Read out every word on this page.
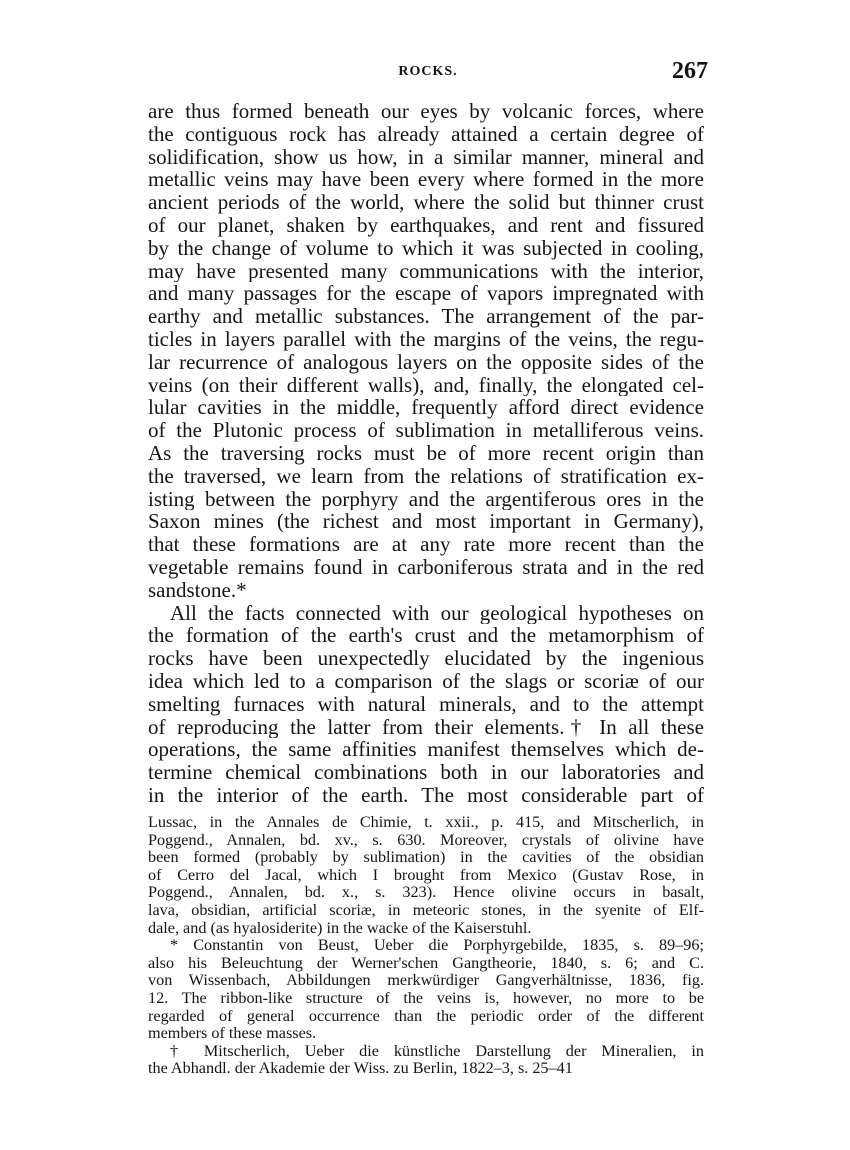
ROCKS.	267
are thus formed beneath our eyes by volcanic forces, where
the contiguous rock has already attained a certain degree of
solidification, show us how, in a similar manner, mineral and
metallic veins may have been every where formed in the more
ancient periods of the world, where the solid but thinner crust
of our planet, shaken by earthquakes, and rent and fissured
by the change of volume to which it was subjected in cooling,
may have presented many communications with the interior,
and many passages for the escape of vapors impregnated with
earthy and metallic substances. The arrangement of the par-
ticles in layers parallel with the margins of the veins, the regu-
lar recurrence of analogous layers on the opposite sides of the
veins (on their different walls), and, finally, the elongated cel-
lular cavities in the middle, frequently afford direct evidence
of the Plutonic process of sublimation in metalliferous veins.
As the traversing rocks must be of more recent origin than
the traversed, we learn from the relations of stratification ex-
isting between the porphyry and the argentiferous ores in the
Saxon mines (the richest and most important in Germany),
that these formations are at any rate more recent than the
vegetable remains found in carboniferous strata and in the red
sandstone.*
All the facts connected with our geological hypotheses on
the formation of the earth's crust and the metamorphism of
rocks have been unexpectedly elucidated by the ingenious
idea which led to a comparison of the slags or scoriæ of our
smelting furnaces with natural minerals, and to the attempt
of reproducing the latter from their elements.† In all these
operations, the same affinities manifest themselves which de-
termine chemical combinations both in our laboratories and
in the interior of the earth. The most considerable part of
Lussac, in the Annales de Chimie, t. xxii., p. 415, and Mitscherlich, in
Poggend., Annalen, bd. xv., s. 630. Moreover, crystals of olivine have
been formed (probably by sublimation) in the cavities of the obsidian
of Cerro del Jacal, which I brought from Mexico (Gustav Rose, in
Poggend., Annalen, bd. x., s. 323). Hence olivine occurs in basalt,
lava, obsidian, artificial scoriæ, in meteoric stones, in the syenite of Elf-
dale, and (as hyalosiderite) in the wacke of the Kaiserstuhl.
* Constantin von Beust, Ueber die Porphyrgebilde, 1835, s. 89–96;
also his Beleuchtung der Werner'schen Gangtheorie, 1840, s. 6; and C.
von Wissenbach, Abbildungen merkwürdiger Gangverhältnisse, 1836, fig.
12. The ribbon-like structure of the veins is, however, no more to be
regarded of general occurrence than the periodic order of the different
members of these masses.
† Mitscherlich, Ueber die künstliche Darstellung der Mineralien, in
the Abhandl. der Akademie der Wiss. zu Berlin, 1822–3, s. 25–41
